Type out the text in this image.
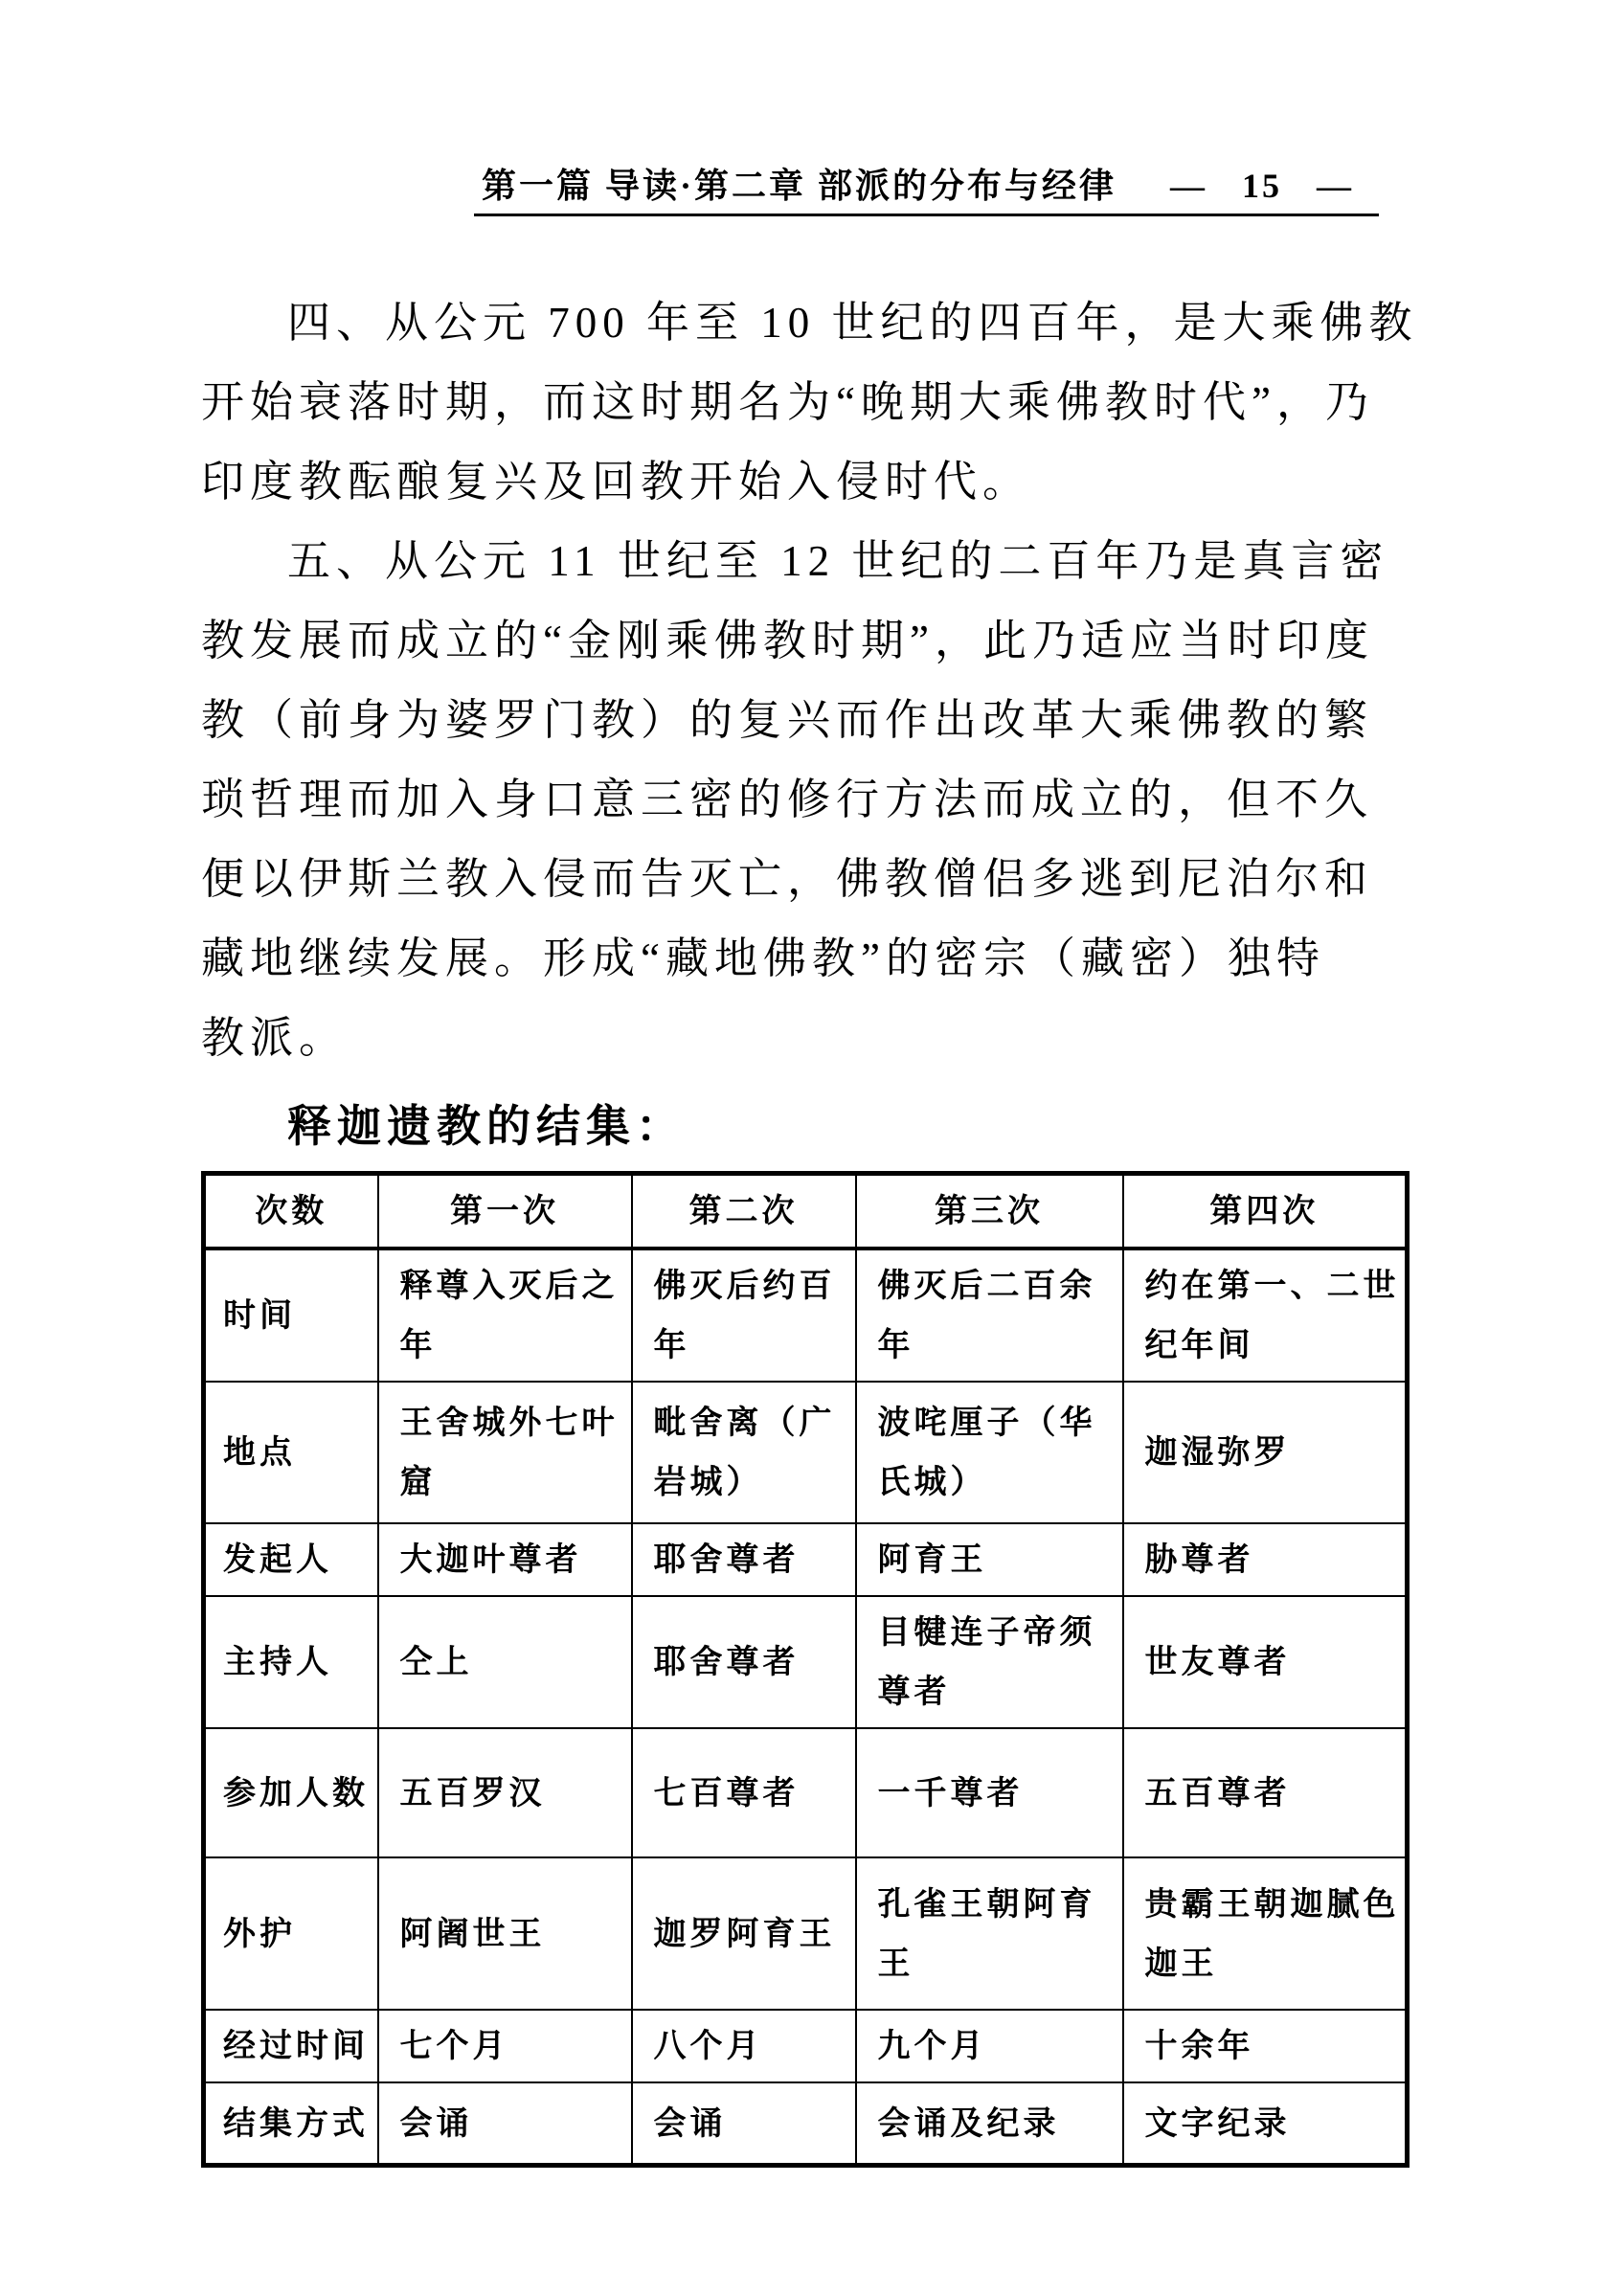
第一篇 导读·第二章 部派的分布与经律 — 15 —
四、从公元 700 年至 10 世纪的四百年，是大乘佛教
开始衰落时期，而这时期名为“晚期大乘佛教时代”，乃
印度教酝酿复兴及回教开始入侵时代。
五、从公元 11 世纪至 12 世纪的二百年乃是真言密
教发展而成立的“金刚乘佛教时期”，此乃适应当时印度
教（前身为婆罗门教）的复兴而作出改革大乘佛教的繁
琐哲理而加入身口意三密的修行方法而成立的，但不久
便以伊斯兰教入侵而告灭亡，佛教僧侣多逃到尼泊尔和
藏地继续发展。形成“藏地佛教”的密宗（藏密）独特
教派。
释迦遗教的结集：
次数	第一次	第二次	第三次	第四次
时间	释尊入灭后之年	佛灭后约百年	佛灭后二百余年	约在第一、二世纪年间
地点	王舍城外七叶窟	毗舍离（广岩城）	波咤厘子（华氏城）	迦湿弥罗
发起人	大迦叶尊者	耶舍尊者	阿育王	胁尊者
主持人	仝上	耶舍尊者	目犍连子帝须尊者	世友尊者
参加人数	五百罗汉	七百尊者	一千尊者	五百尊者
外护	阿阇世王	迦罗阿育王	孔雀王朝阿育王	贵霸王朝迦腻色迦王
经过时间	七个月	八个月	九个月	十余年
结集方式	会诵	会诵	会诵及纪录	文字纪录
